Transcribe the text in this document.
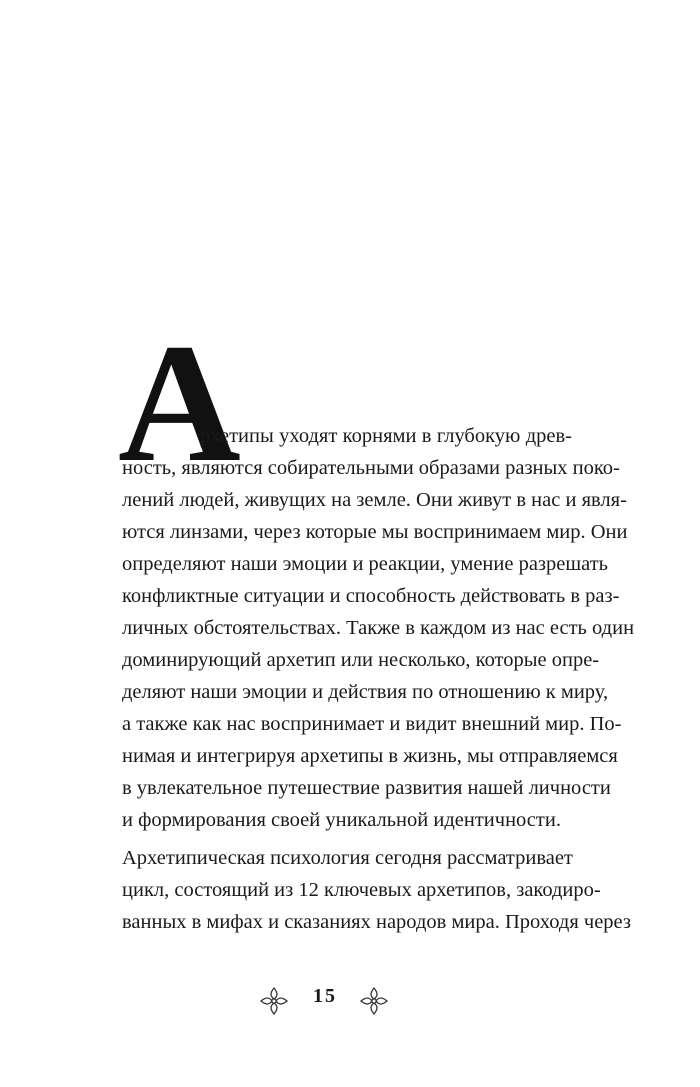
А
рхетипы уходят корнями в глубокую древ-
ность, являются собирательными образами разных поко-
лений людей, живущих на земле. Они живут в нас и явля-
ются линзами, через которые мы воспринимаем мир. Они
определяют наши эмоции и реакции, умение разрешать
конфликтные ситуации и способность действовать в раз-
личных обстоятельствах. Также в каждом из нас есть один
доминирующий архетип или несколько, которые опре-
деляют наши эмоции и действия по отношению к миру,
а также как нас воспринимает и видит внешний мир. По-
нимая и интегрируя архетипы в жизнь, мы отправляемся
в увлекательное путешествие развития нашей личности
и формирования своей уникальной идентичности.
Архетипическая психология сегодня рассматривает
цикл, состоящий из 12 ключевых архетипов, закодиро-
ванных в мифах и сказаниях народов мира. Проходя через
15
